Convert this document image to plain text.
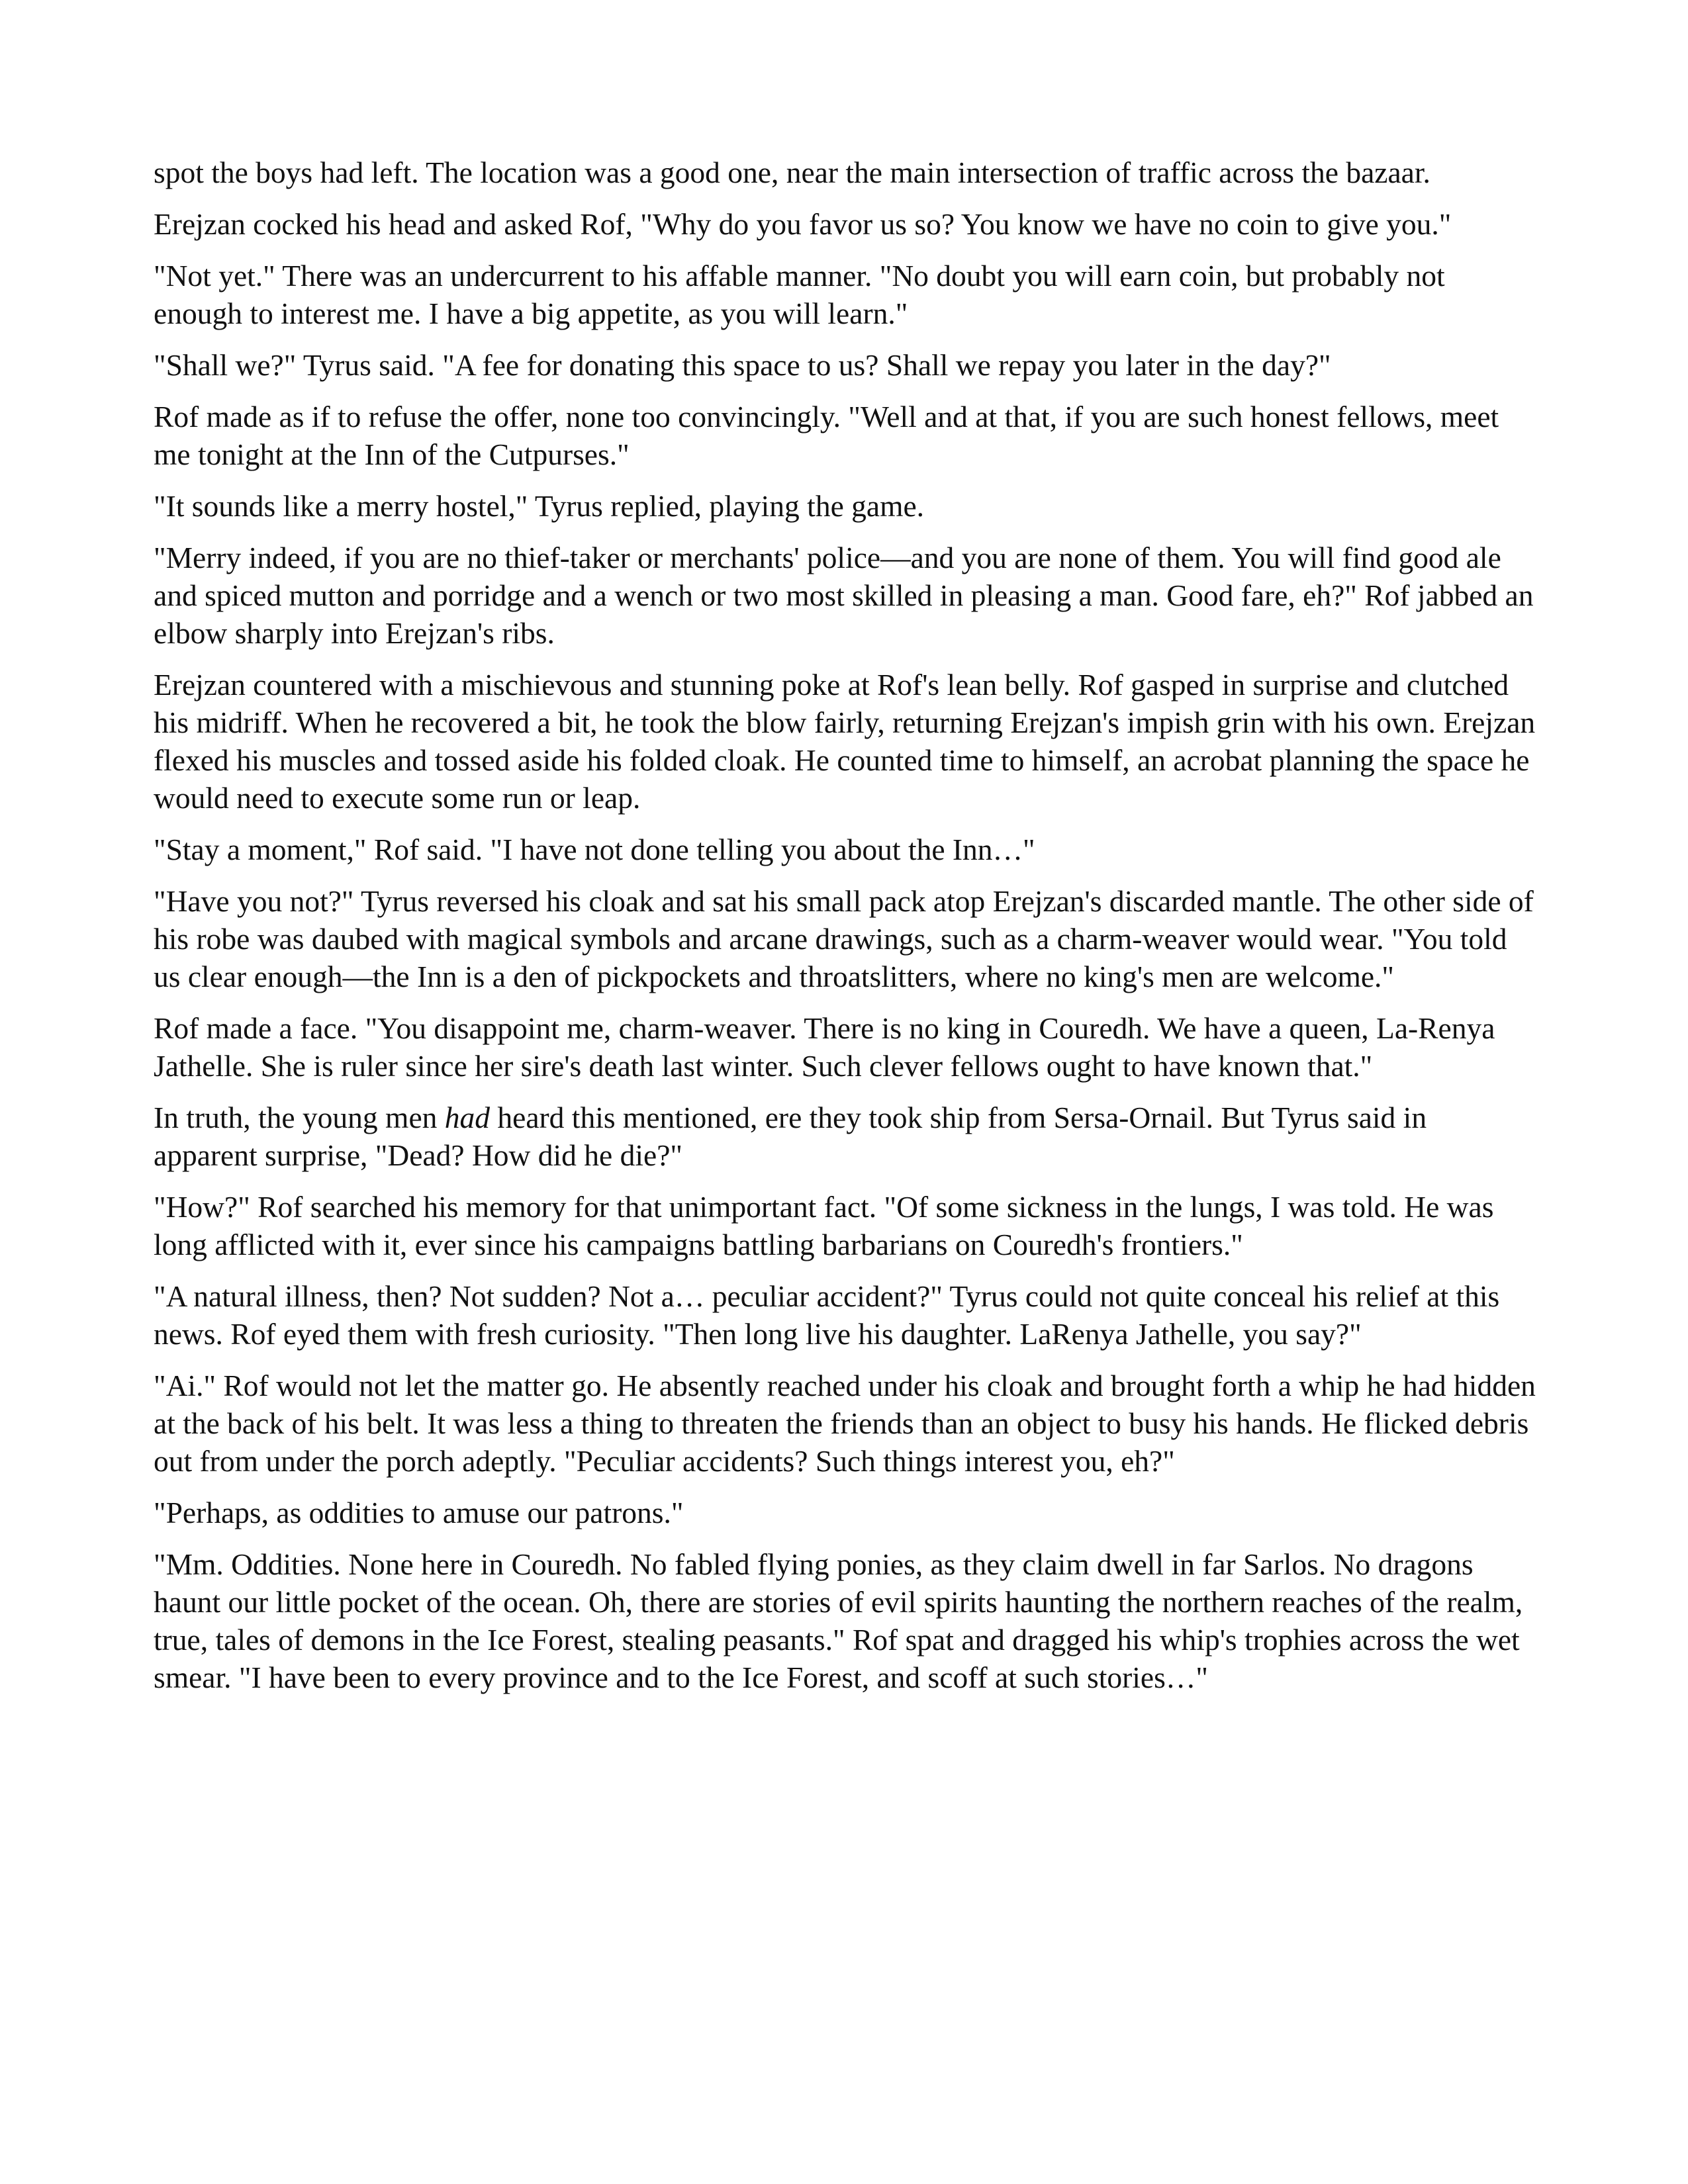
spot the boys had left. The location was a good one, near the main intersection of traffic across the bazaar.

Erejzan cocked his head and asked Rof, "Why do you favor us so? You know we have no coin to give you."

"Not yet." There was an undercurrent to his affable manner. "No doubt you will earn coin, but probably not enough to interest me. I have a big appetite, as you will learn."

"Shall we?" Tyrus said. "A fee for donating this space to us? Shall we repay you later in the day?"

Rof made as if to refuse the offer, none too convincingly. "Well and at that, if you are such honest fellows, meet me tonight at the Inn of the Cutpurses."

"It sounds like a merry hostel," Tyrus replied, playing the game.

"Merry indeed, if you are no thief-taker or merchants' police—and you are none of them. You will find good ale and spiced mutton and porridge and a wench or two most skilled in pleasing a man. Good fare, eh?" Rof jabbed an elbow sharply into Erejzan's ribs.

Erejzan countered with a mischievous and stunning poke at Rof's lean belly. Rof gasped in surprise and clutched his midriff. When he recovered a bit, he took the blow fairly, returning Erejzan's impish grin with his own. Erejzan flexed his muscles and tossed aside his folded cloak. He counted time to himself, an acrobat planning the space he would need to execute some run or leap.

"Stay a moment," Rof said. "I have not done telling you about the Inn…"

"Have you not?" Tyrus reversed his cloak and sat his small pack atop Erejzan's discarded mantle. The other side of his robe was daubed with magical symbols and arcane drawings, such as a charm-weaver would wear. "You told us clear enough—the Inn is a den of pickpockets and throatslitters, where no king's men are welcome."

Rof made a face. "You disappoint me, charm-weaver. There is no king in Couredh. We have a queen, La-Renya Jathelle. She is ruler since her sire's death last winter. Such clever fellows ought to have known that."

In truth, the young men had heard this mentioned, ere they took ship from Sersa-Ornail. But Tyrus said in apparent surprise, "Dead? How did he die?"

"How?" Rof searched his memory for that unimportant fact. "Of some sickness in the lungs, I was told. He was long afflicted with it, ever since his campaigns battling barbarians on Couredh's frontiers."

"A natural illness, then? Not sudden? Not a… peculiar accident?" Tyrus could not quite conceal his relief at this news. Rof eyed them with fresh curiosity. "Then long live his daughter. LaRenya Jathelle, you say?"

"Ai." Rof would not let the matter go. He absently reached under his cloak and brought forth a whip he had hidden at the back of his belt. It was less a thing to threaten the friends than an object to busy his hands. He flicked debris out from under the porch adeptly. "Peculiar accidents? Such things interest you, eh?"

"Perhaps, as oddities to amuse our patrons."

"Mm. Oddities. None here in Couredh. No fabled flying ponies, as they claim dwell in far Sarlos. No dragons haunt our little pocket of the ocean. Oh, there are stories of evil spirits haunting the northern reaches of the realm, true, tales of demons in the Ice Forest, stealing peasants." Rof spat and dragged his whip's trophies across the wet smear. "I have been to every province and to the Ice Forest, and scoff at such stories…"
